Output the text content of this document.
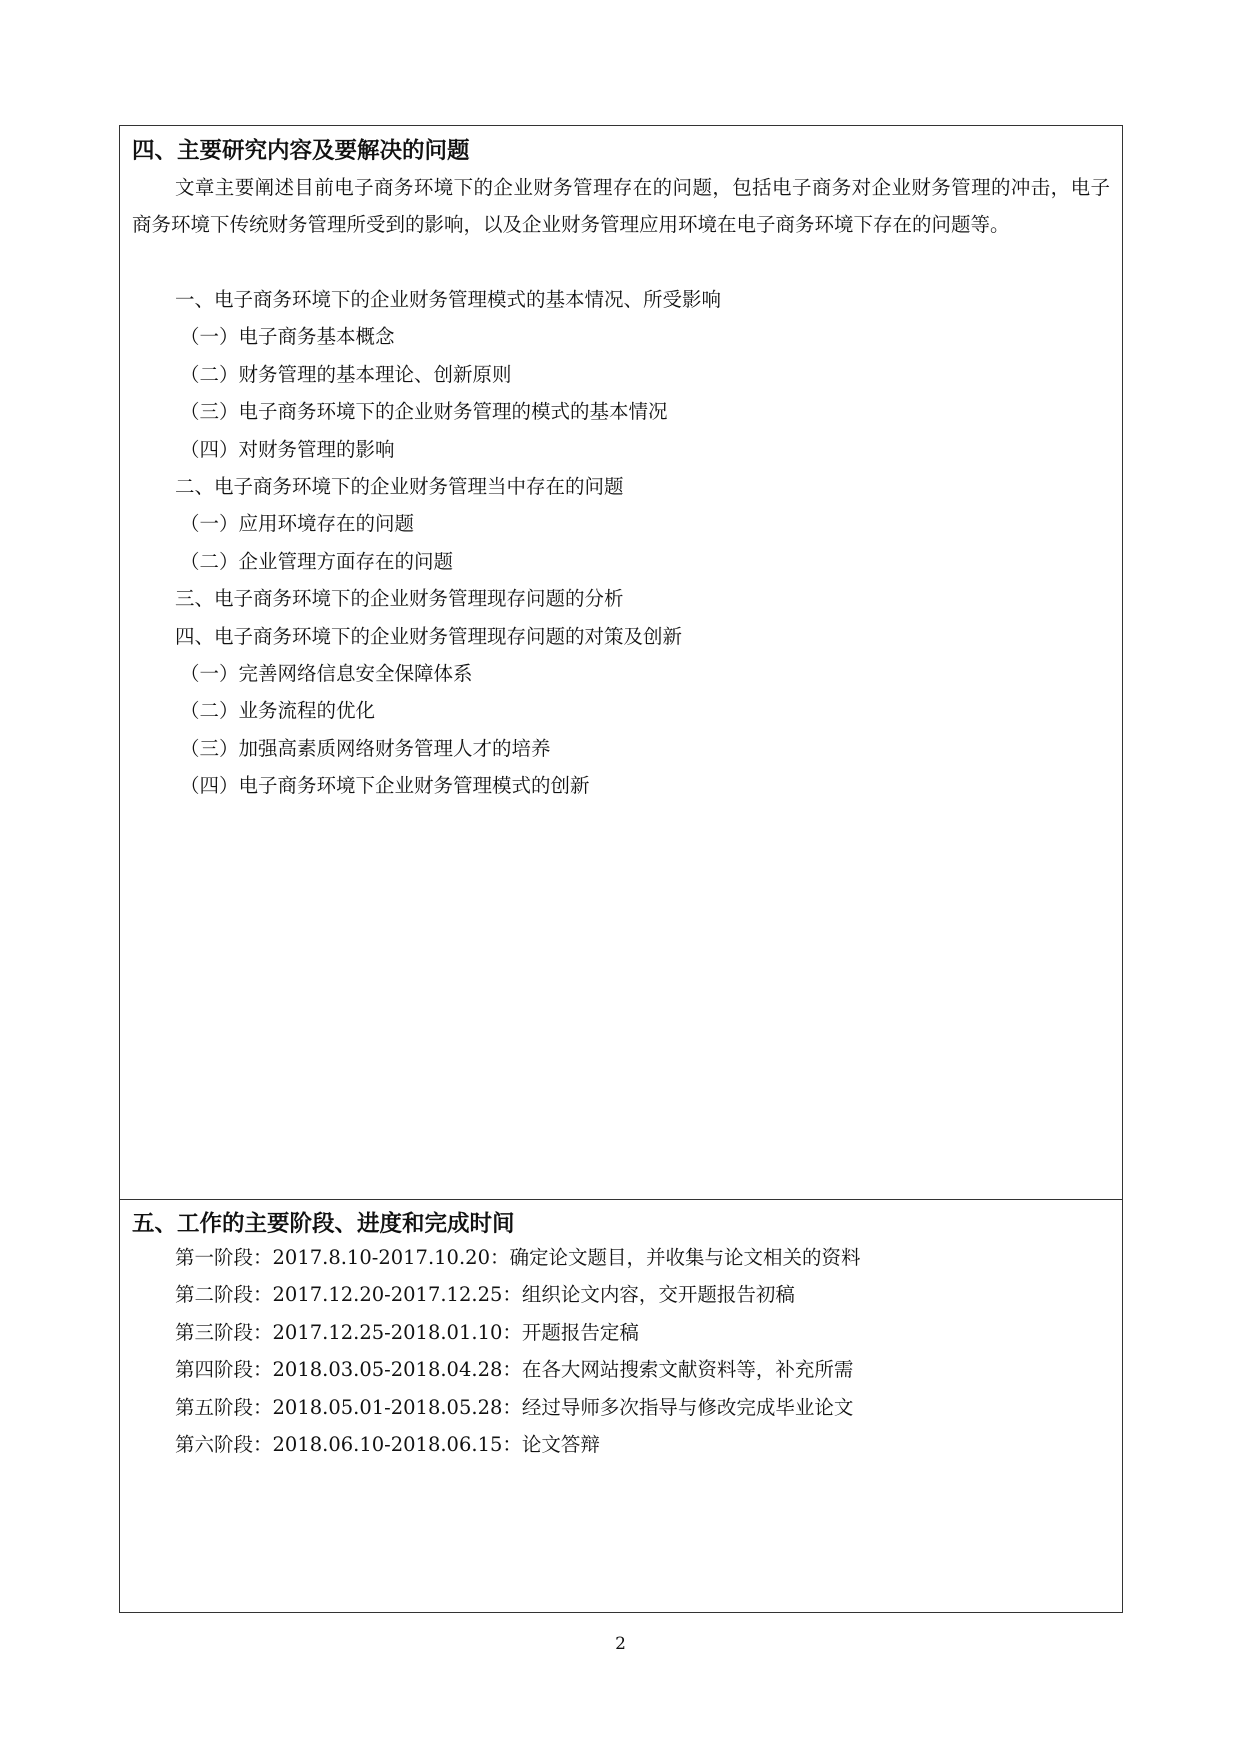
四、主要研究内容及要解决的问题

文章主要阐述目前电子商务环境下的企业财务管理存在的问题，包括电子商务对企业财务管理的冲击，电子商务环境下传统财务管理所受到的影响，以及企业财务管理应用环境在电子商务环境下存在的问题等。

一、电子商务环境下的企业财务管理模式的基本情况、所受影响
（一）电子商务基本概念
（二）财务管理的基本理论、创新原则
（三）电子商务环境下的企业财务管理的模式的基本情况
（四）对财务管理的影响
二、电子商务环境下的企业财务管理当中存在的问题
（一）应用环境存在的问题
（二）企业管理方面存在的问题
三、电子商务环境下的企业财务管理现存问题的分析
四、电子商务环境下的企业财务管理现存问题的对策及创新
（一）完善网络信息安全保障体系
（二）业务流程的优化
（三）加强高素质网络财务管理人才的培养
（四）电子商务环境下企业财务管理模式的创新
五、工作的主要阶段、进度和完成时间
第一阶段：2017.8.10-2017.10.20：确定论文题目，并收集与论文相关的资料
第二阶段：2017.12.20-2017.12.25：组织论文内容，交开题报告初稿
第三阶段：2017.12.25-2018.01.10：开题报告定稿
第四阶段：2018.03.05-2018.04.28：在各大网站搜索文献资料等，补充所需
第五阶段：2018.05.01-2018.05.28：经过导师多次指导与修改完成毕业论文
第六阶段：2018.06.10-2018.06.15：论文答辩
2
